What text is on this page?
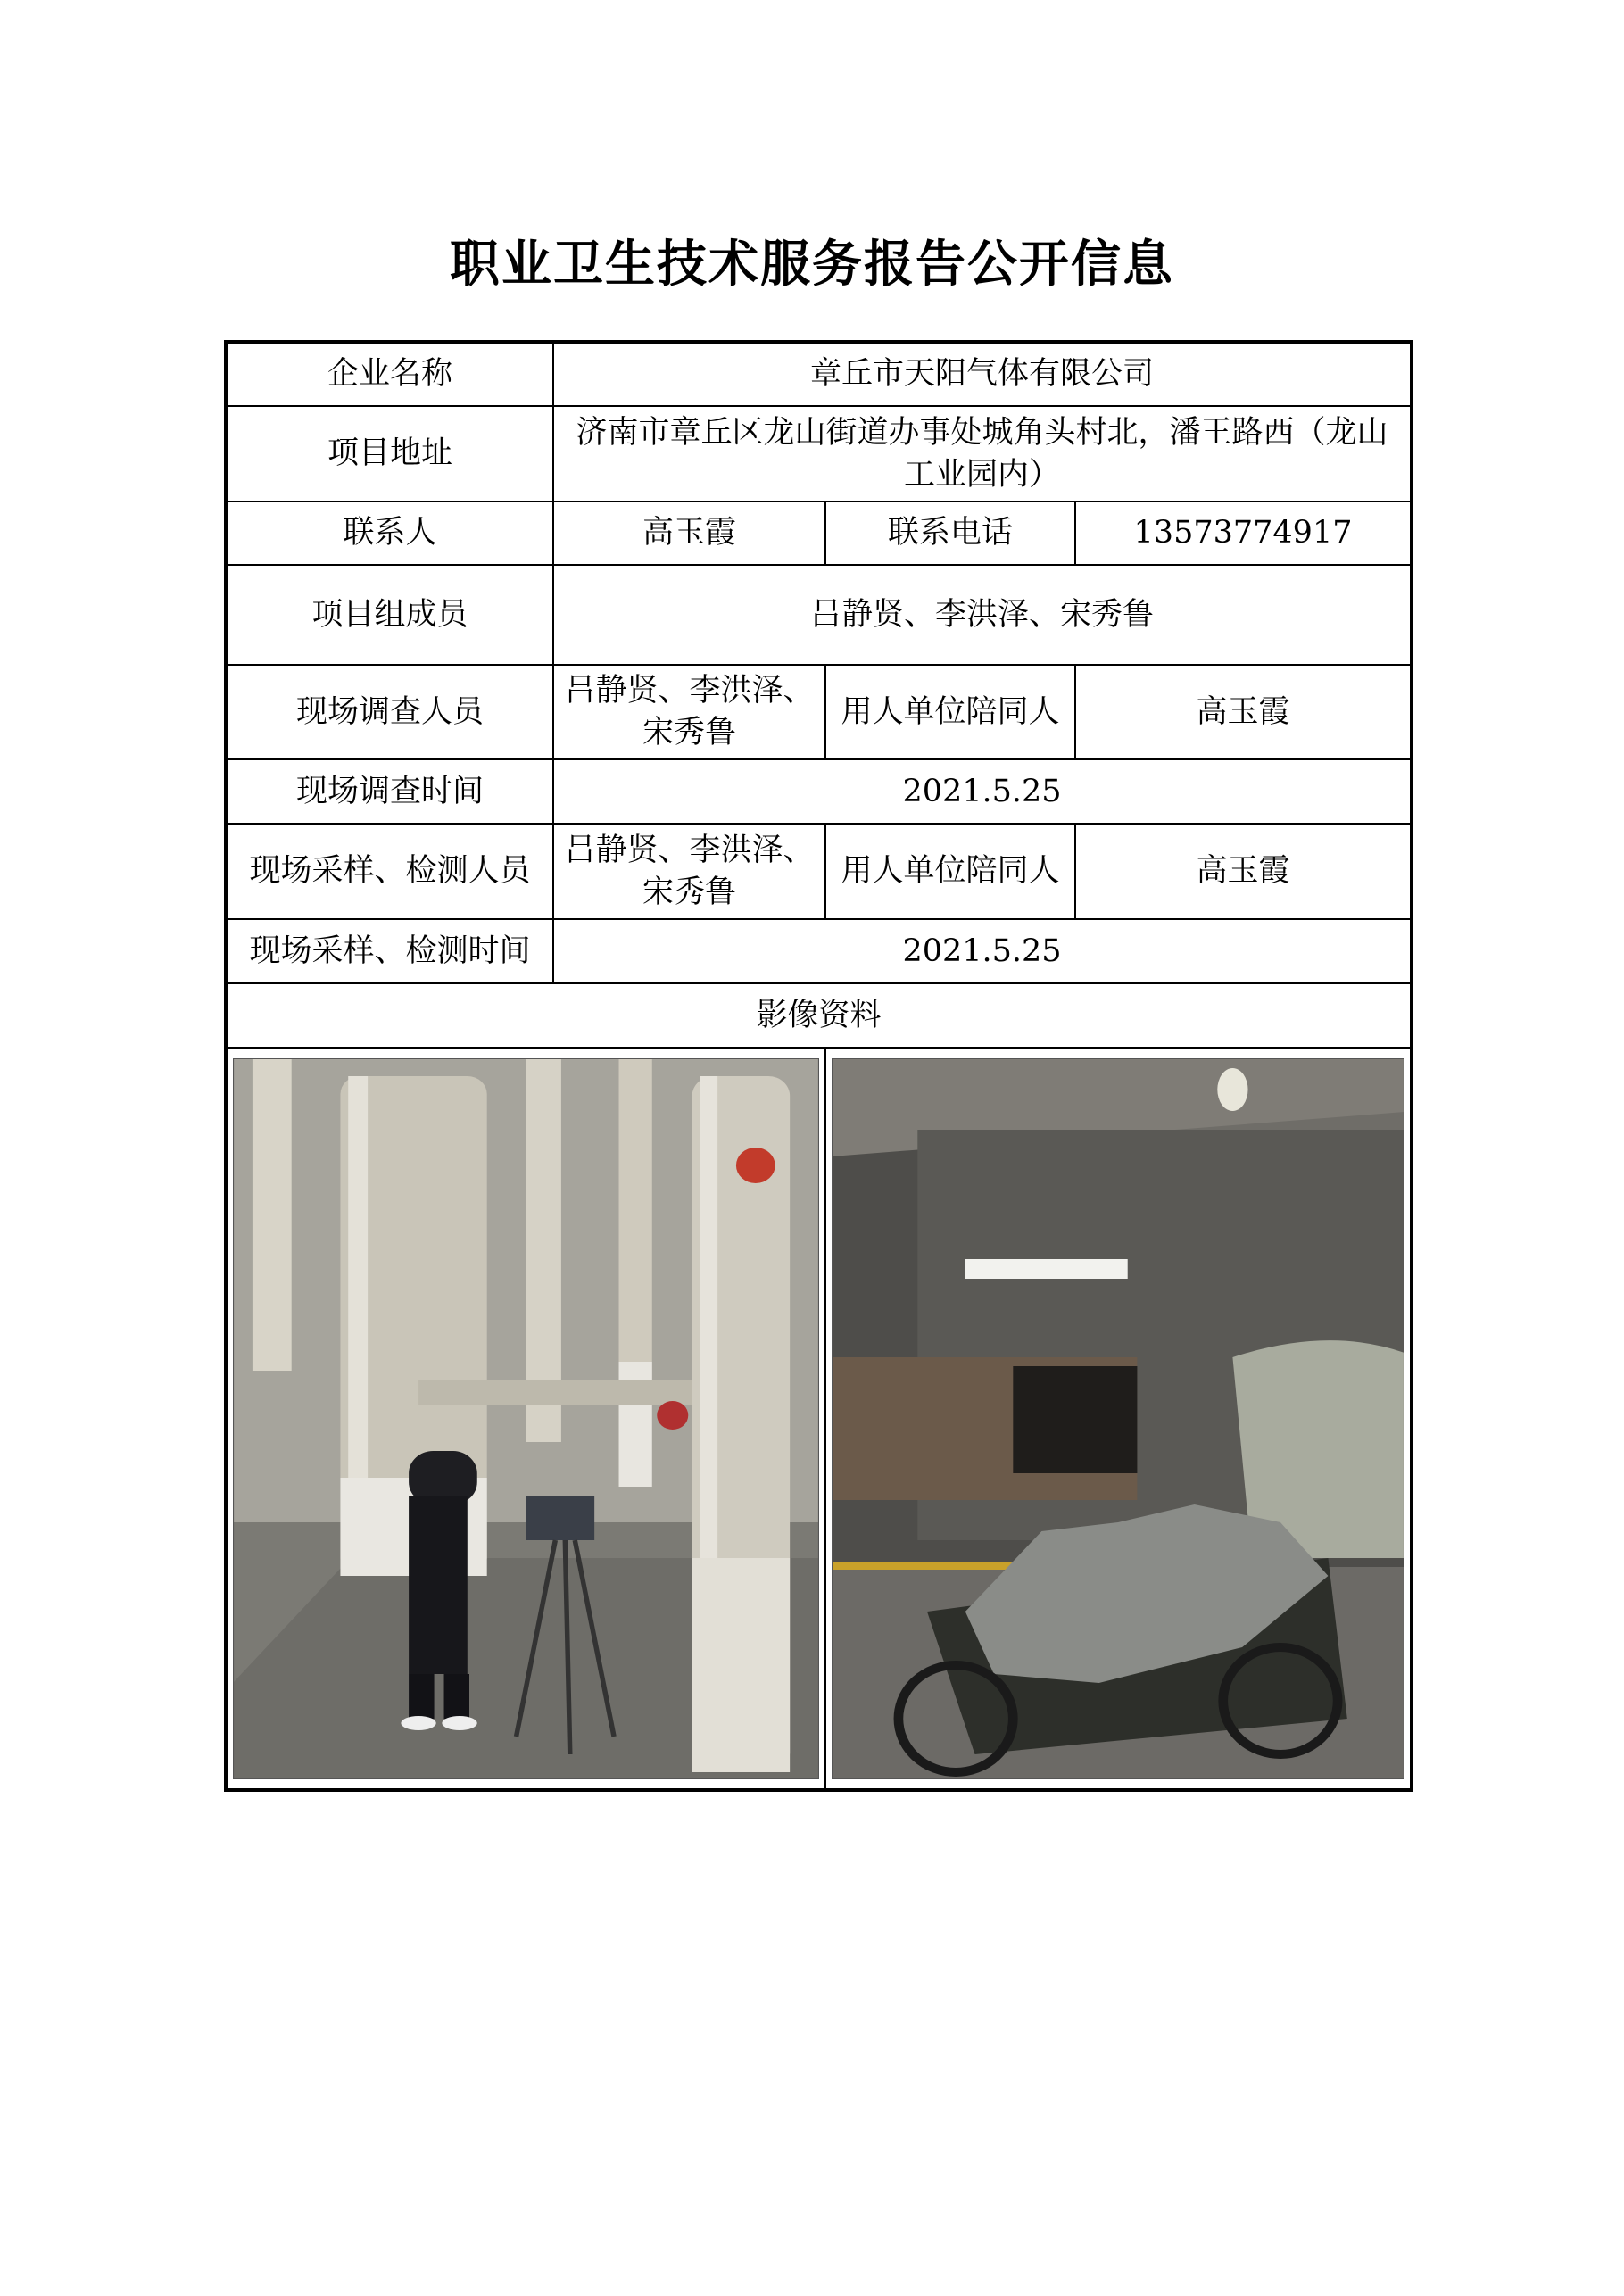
职业卫生技术服务报告公开信息
企业名称	章丘市天阳气体有限公司		
项目地址	济南市章丘区龙山街道办事处城角头村北，潘王路西（龙山工业园内）		
联系人	高玉霞	联系电话	13573774917
项目组成员	吕静贤、李洪泽、宋秀鲁		
现场调查人员	吕静贤、李洪泽、宋秀鲁	用人单位陪同人	高玉霞
现场调查时间	2021.5.25		
现场采样、检测人员	吕静贤、李洪泽、宋秀鲁	用人单位陪同人	高玉霞
现场采样、检测时间	2021.5.25		
影像资料			
